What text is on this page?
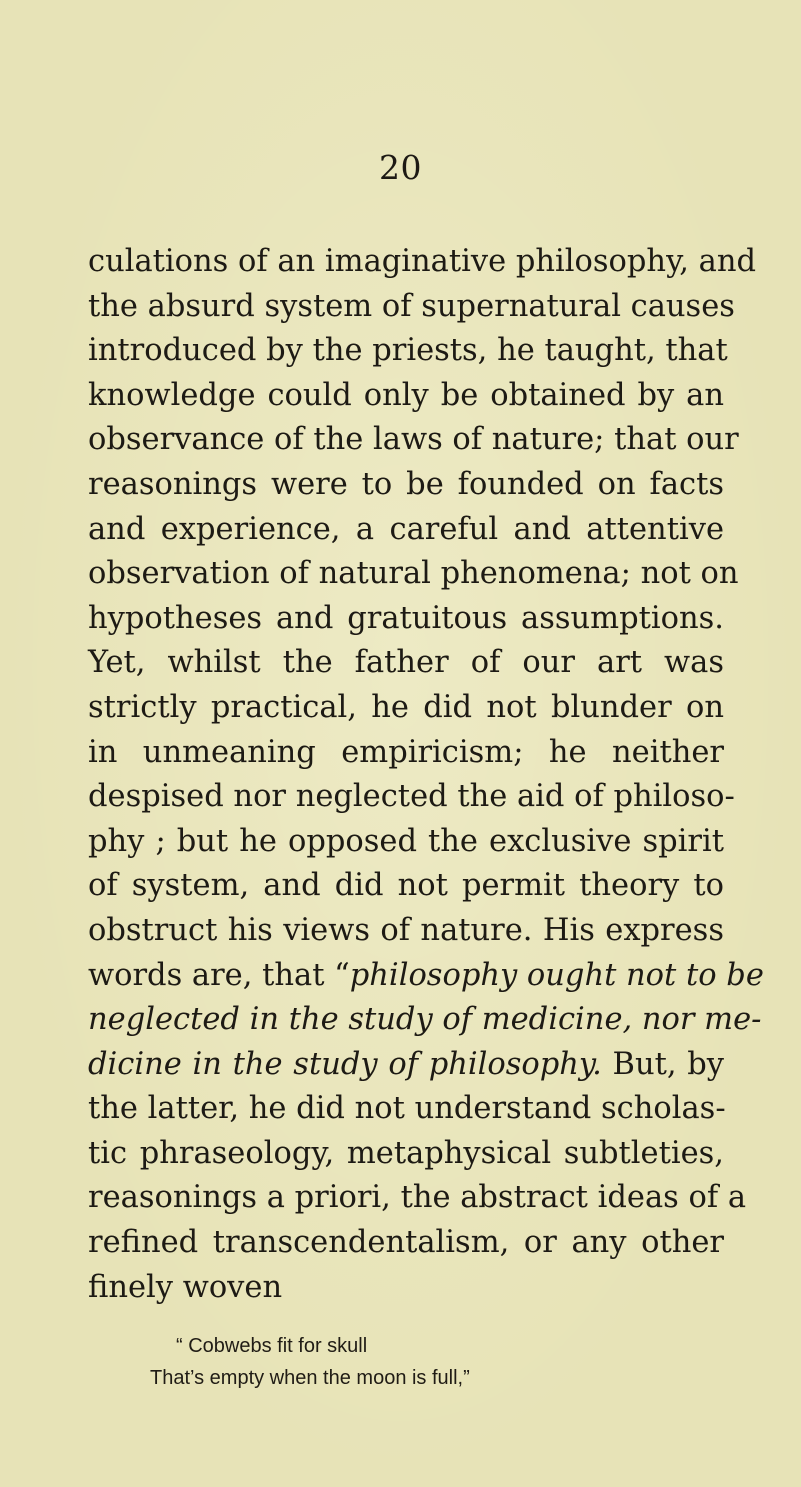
20
culations of an imaginative philosophy, and
the absurd system of supernatural causes
introduced by the priests, he taught, that
knowledge could only be obtained by an
observance of the laws of nature; that our
reasonings were to be founded on facts
and experience, a careful and attentive
observation of natural phenomena; not on
hypotheses and gratuitous assumptions.
Yet, whilst the father of our art was
strictly practical, he did not blunder on
in unmeaning empiricism; he neither
despised nor neglected the aid of philoso-
phy ; but he opposed the exclusive spirit
of system, and did not permit theory to
obstruct his views of nature. His express
words are, that “philosophy ought not to be
neglected in the study of medicine, nor me-
dicine in the study of philosophy. But, by
the latter, he did not understand scholas-
tic phraseology, metaphysical subtleties,
reasonings a priori, the abstract ideas of a
refined transcendentalism, or any other
finely woven
“ Cobwebs fit for skull
That’s empty when the moon is full,”
